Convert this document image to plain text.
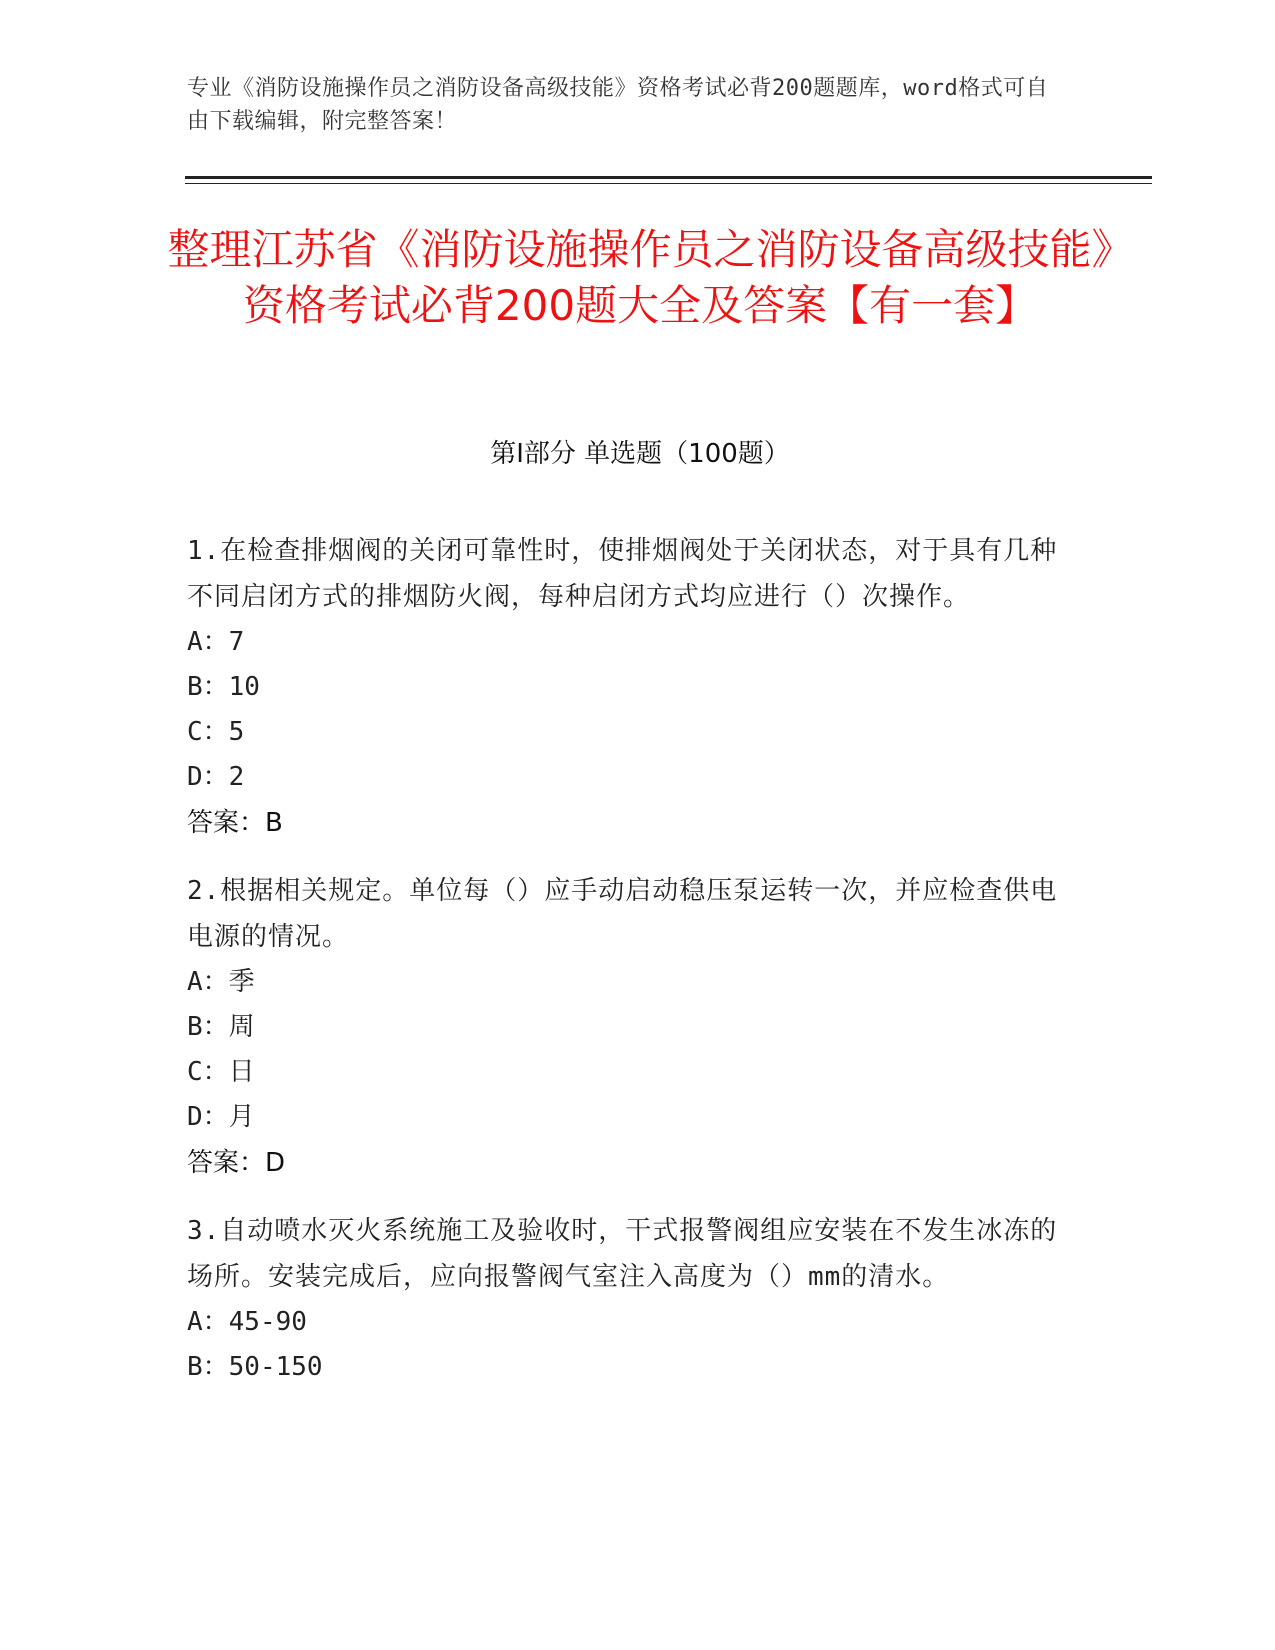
专业《消防设施操作员之消防设备高级技能》资格考试必背200题题库，word格式可自由下载编辑，附完整答案！
整理江苏省《消防设施操作员之消防设备高级技能》资格考试必背200题大全及答案【有一套】
第Ⅰ部分 单选题（100题）
1.在检查排烟阀的关闭可靠性时，使排烟阀处于关闭状态，对于具有几种不同启闭方式的排烟防火阀，每种启闭方式均应进行（）次操作。
A：7
B：10
C：5
D：2
答案：B
2.根据相关规定。单位每（）应手动启动稳压泵运转一次，并应检查供电电源的情况。
A：季
B：周
C：日
D：月
答案：D
3.自动喷水灭火系统施工及验收时，干式报警阀组应安装在不发生冰冻的场所。安装完成后，应向报警阀气室注入高度为（）mm的清水。
A：45-90
B：50-150
